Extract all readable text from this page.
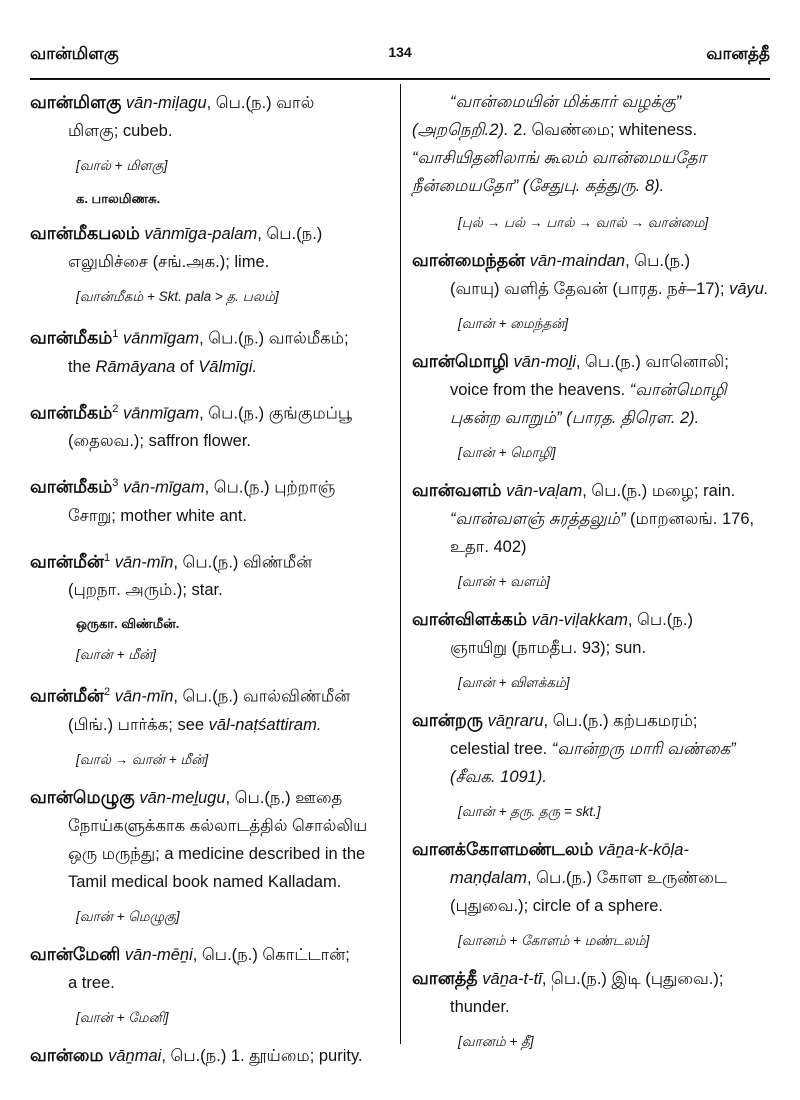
வான்மிளகு	134	வானத்தீ
வான்மிளகு vān-miḷagu, பெ.(ந.) வால்
மிளகு; cubeb.
[வால் + மிளகு]
க. பாலமிணசு.
வான்மீகபலம் vānmīga-palam, பெ.(ந.)
எலுமிச்சை (சங்.அக.); lime.
[வான்மீகம் + Skt. pala > த. பலம்]
வான்மீகம்$^1$ vānmīgam, பெ.(ந.) வால்மீகம்;
the Rāmāyana of Vālmīgi.
வான்மீகம்$^2$ vānmīgam, பெ.(ந.) குங்குமப்பூ
(தைலவ.); saffron flower.
வான்மீகம்$^3$ vān-mīgam, பெ.(ந.) புற்றாஞ்
சோறு; mother white ant.
வான்மீன்$^1$ vān-mīn, பெ.(ந.) விண்மீன்
(புறநா. அரும்.); star.
ஒருகா. விண்மீன்.
[வான் + மீன்]
வான்மீன்$^2$ vān-mīn, பெ.(ந.) வால்விண்மீன்
(பிங்.) பார்க்க; see vāl-naṭśattiram.
[வால் → வான் + மீன்]
வான்மெழுகு vān-meḻugu, பெ.(ந.) ஊதை
நோய்களுக்காக கல்லாடத்தில் சொல்லிய
ஒரு மருந்து; a medicine described in the
Tamil medical book named Kalladam.
[வான் + மெழுகு]
வான்மேனி vān-mēṉi, பெ.(ந.) கொட்டான்;
a tree.
[வான் + மேனி]
வான்மை vāṉmai, பெ.(ந.) 1. தூய்மை; purity.
“வான்மையின் மிக்கார் வழக்கு”
(அறநெறி.2). 2. வெண்மை; whiteness.
“வாசியிதனிலாங் கூலம் வான்மையதோ
நீன்மையதோ” (சேதுபு. கத்துரு. 8).
[புல் → பல் → பால் → வால் → வான்மை]
வான்மைந்தன் vān-maindan, பெ.(ந.)
(வாயு) வளித் தேவன் (பாரத. நச்–17); vāyu.
[வான் + மைந்தன்]
வான்மொழி vān-moḻi, பெ.(ந.) வானொலி;
voice from the heavens. “வான்மொழி
புகன்ற வாறும்” (பாரத. திரௌ. 2).
[வான் + மொழி]
வான்வளம் vān-vaḷam, பெ.(ந.) மழை; rain.
“வான்வளஞ் சுரத்தலும்” (மாறனலங். 176,
உதா. 402)
[வான் + வளம்]
வான்விளக்கம் vān-viḷakkam, பெ.(ந.)
ஞாயிறு (நாமதீப. 93); sun.
[வான் + விளக்கம்]
வான்றரு vāṉraru, பெ.(ந.) கற்பகமரம்;
celestial tree. “வான்றரு மாரி வண்கை”
(சீவக. 1091).
[வான் + தரு. தரு = skt.]
வானக்கோளமண்டலம் vāṉa-k-kōḷa-
maṇḍalam, பெ.(ந.) கோள உருண்டை
(புதுவை.); circle of a sphere.
[வானம் + கோளம் + மண்டலம்]
வானத்தீ vāṉa-t-tī, பெ.(ந.) இடி (புதுவை.);
thunder.
[வானம் + தீ]
